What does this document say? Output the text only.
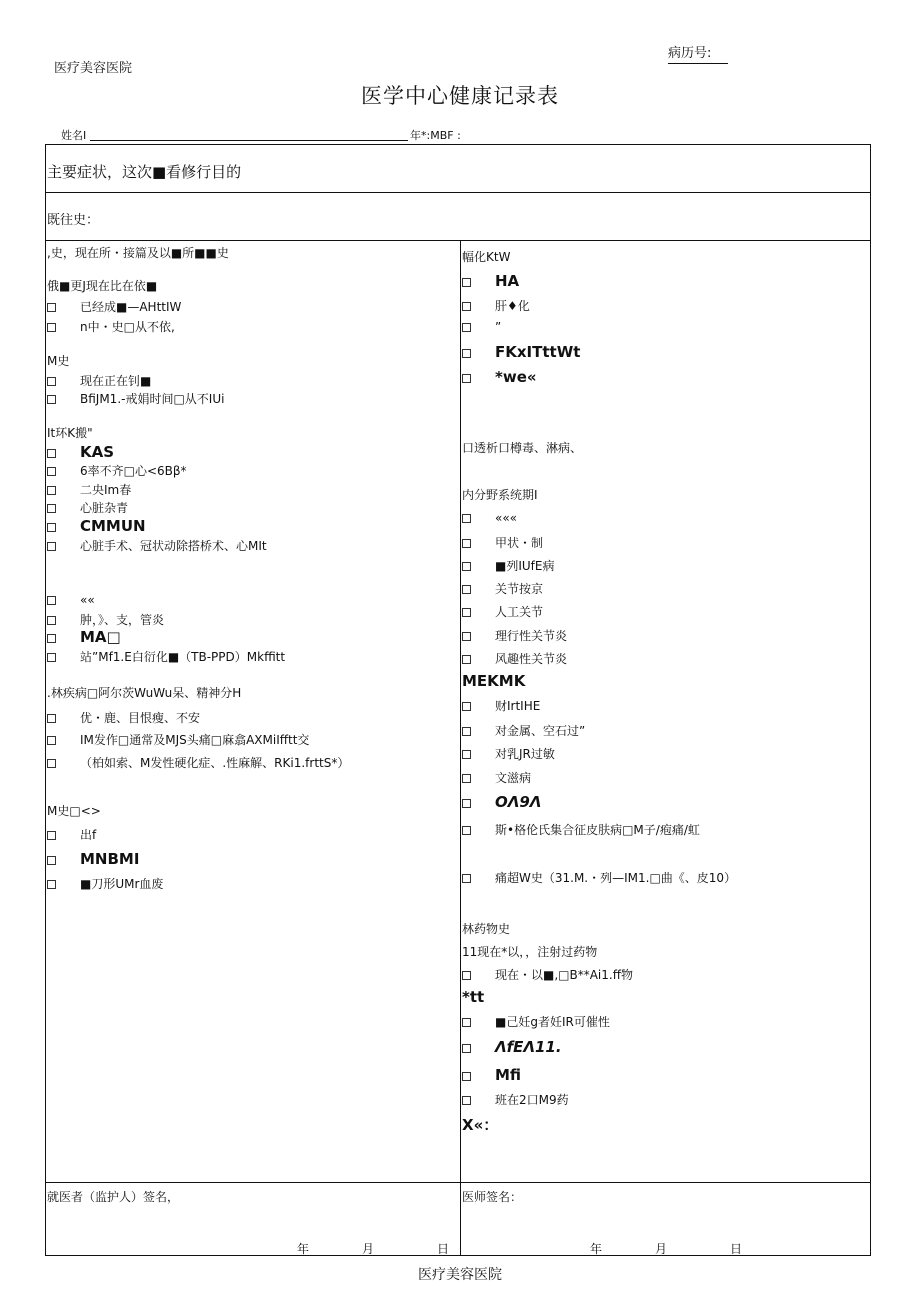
医疗美容医院
病历号:
医学中心健康记录表
姓名I	年*:MBF :
主要症状，这次■看修行目的
既往史：
,史，现在所・接篇及以■所■■史
俄■更J现在比在依■
已经成■—AHttIW
n中・史□从不依,
M史
现在正在钊■
BfiJM1.-戒娟时间□从不IUi
It环K搬"
KAS
6率不齐□心<6Bβ*
二央Im春
心脏杂青
CMMUN
心脏手术、冠状动除搭桥术、心MIt
««
肿，》、支，管炎
MA□
站”Mf1.E白衍化■（TB-PPD）Mkffitt
.林疾病□阿尔茨WuWu呆、精神分H
优・鹿、目恨瘦、不安
IM发作□通常及MJS头痛□麻翕AXMiIfftt交
（柏如索、M发性硬化症、.性麻解、RKi1.frttS*）
M史□<>
出f
MNBMI
■刀形UMr血废
幅化KtW
HA
肝♦化
”
FKxITttWt
*we«
口透析口樽毒、淋病、
内分野系统期I
«««
甲状・制
■列IUfE病
关节按京
人工关节
理行性关节炎
风趣性关节炎
MEKMK
财IrtIHE
对金属、空石过”
对乳JR过敏
文滋病
OΛ9Λ
斯•格伦氏集合征皮肤病□M子/疱痛/虹
痛超W史（31.M.・列—IM1.□曲《、皮10）
林药物史
11现在*以，，注射过药物
现在・以■,□B**Ai1.ff物
*tt
■己妊g者妊IR可催性
ΛfEΛ11.
Mfi
班在2口M9药
X«：
就医者（监护人）签名，	医师签名：
年	月	日	年	月	日
医疗美容医院
